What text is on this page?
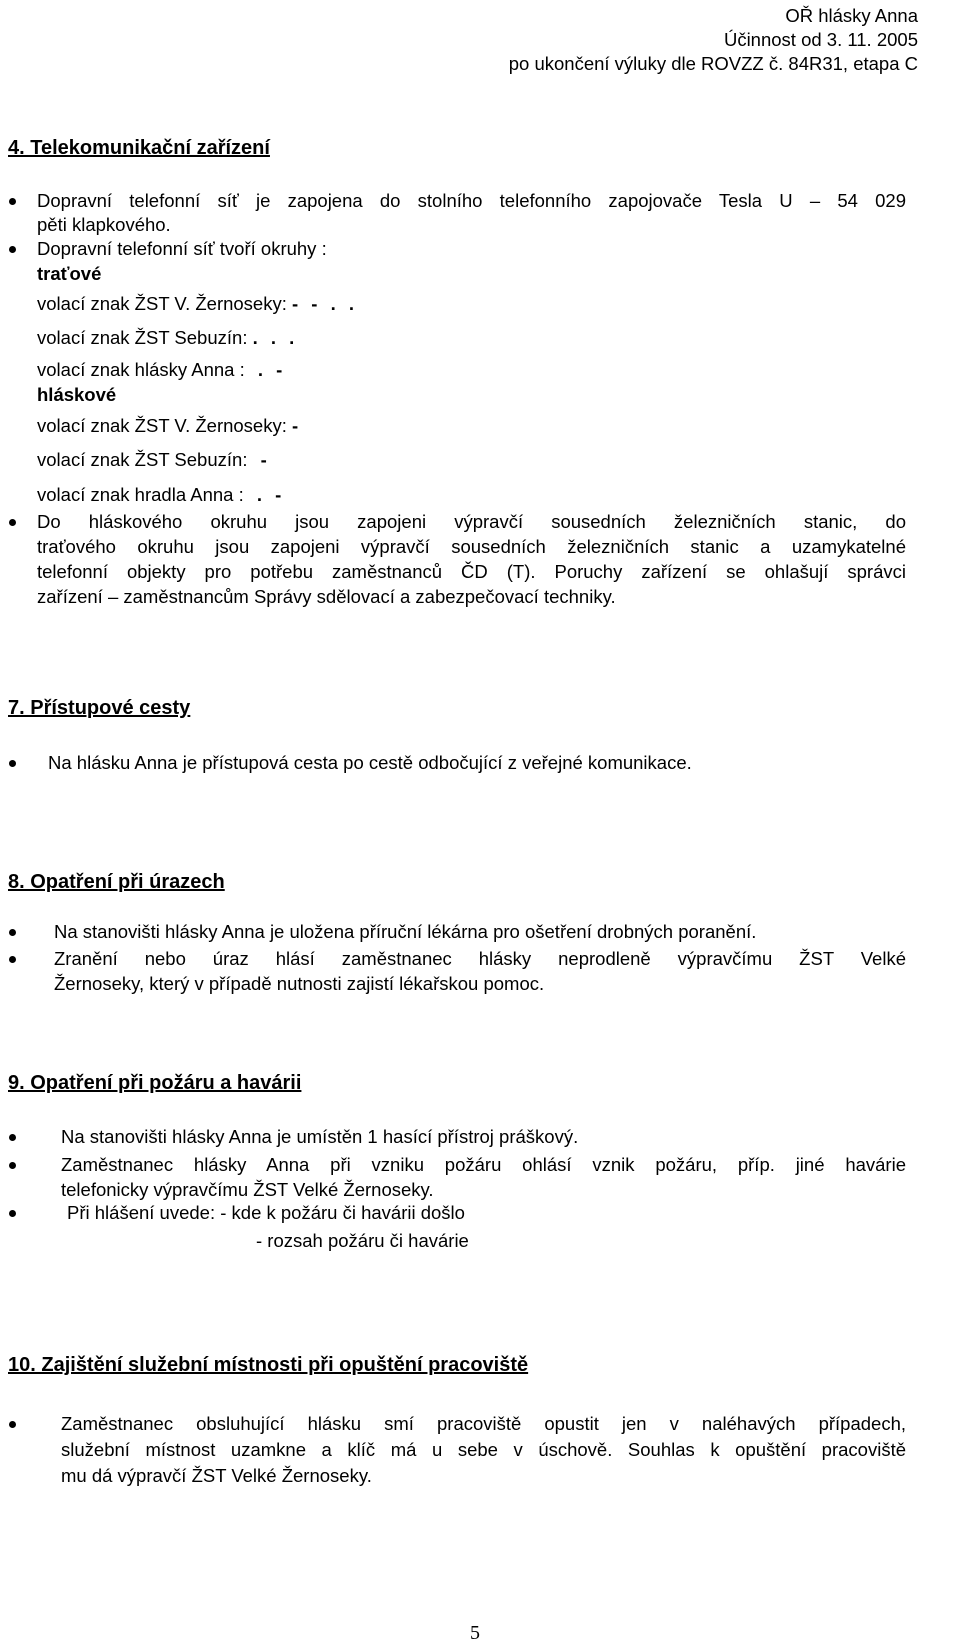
OŘ hlásky Anna
Účinnost od 3. 11. 2005
po ukončení výluky dle ROVZZ č. 84R31, etapa C
4. Telekomunikační zařízení
Dopravní telefonní síť je zapojena do stolního telefonního zapojovače Tesla U – 54 029
pěti klapkového.
Dopravní telefonní síť tvoří okruhy :
traťové
volací znak ŽST V. Žernoseky: - - . .
volací znak ŽST Sebuzín: . . .
volací znak hlásky Anna : . -
hláskové
volací znak ŽST V. Žernoseky: -
volací znak ŽST Sebuzín: -
volací znak hradla Anna : . -
Do hláskového okruhu jsou zapojeni výpravčí sousedních železničních stanic, do
traťového okruhu jsou zapojeni výpravčí sousedních železničních stanic a uzamykatelné
telefonní objekty pro potřebu zaměstnanců ČD (T). Poruchy zařízení se ohlašují správci
zařízení – zaměstnancům Správy sdělovací a zabezpečovací techniky.
7. Přístupové cesty
Na hlásku Anna je přístupová cesta po cestě odbočující z veřejné komunikace.
8. Opatření při úrazech
Na stanovišti hlásky Anna je uložena příruční lékárna pro ošetření drobných poranění.
Zranění nebo úraz hlásí zaměstnanec hlásky neprodleně výpravčímu ŽST Velké
Žernoseky, který v případě nutnosti zajistí lékařskou pomoc.
9. Opatření při požáru a havárii
Na stanovišti hlásky Anna je umístěn 1 hasící přístroj práškový.
Zaměstnanec hlásky Anna při vzniku požáru ohlásí vznik požáru, příp. jiné havárie
telefonicky výpravčímu ŽST Velké Žernoseky.
Při hlášení uvede: - kde k požáru či havárii došlo
- rozsah požáru či havárie
10. Zajištění služební místnosti při opuštění pracoviště
Zaměstnanec obsluhující hlásku smí pracoviště opustit jen v naléhavých případech,
služební místnost uzamkne a klíč má u sebe v úschově. Souhlas k opuštění pracoviště
mu dá výpravčí ŽST Velké Žernoseky.
5
